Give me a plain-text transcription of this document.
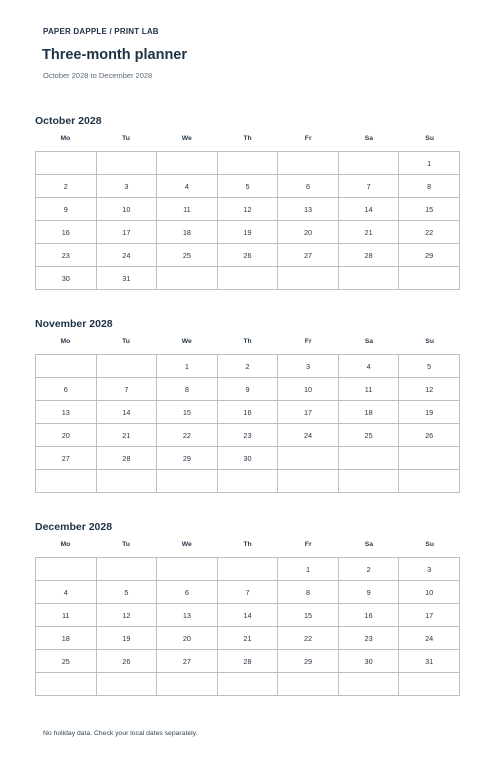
PAPER DAPPLE / PRINT LAB
Three-month planner
October 2028 to December 2028
October 2028
Mo	Tu	We	Th	Fr	Sa	Su
						1
2	3	4	5	6	7	8
9	10	11	12	13	14	15
16	17	18	19	20	21	22
23	24	25	26	27	28	29
30	31					
November 2028
Mo	Tu	We	Th	Fr	Sa	Su
		1	2	3	4	5
6	7	8	9	10	11	12
13	14	15	16	17	18	19
20	21	22	23	24	25	26
27	28	29	30			

December 2028
Mo	Tu	We	Th	Fr	Sa	Su
				1	2	3
4	5	6	7	8	9	10
11	12	13	14	15	16	17
18	19	20	21	22	23	24
25	26	27	28	29	30	31

No holiday data. Check your local dates separately.
